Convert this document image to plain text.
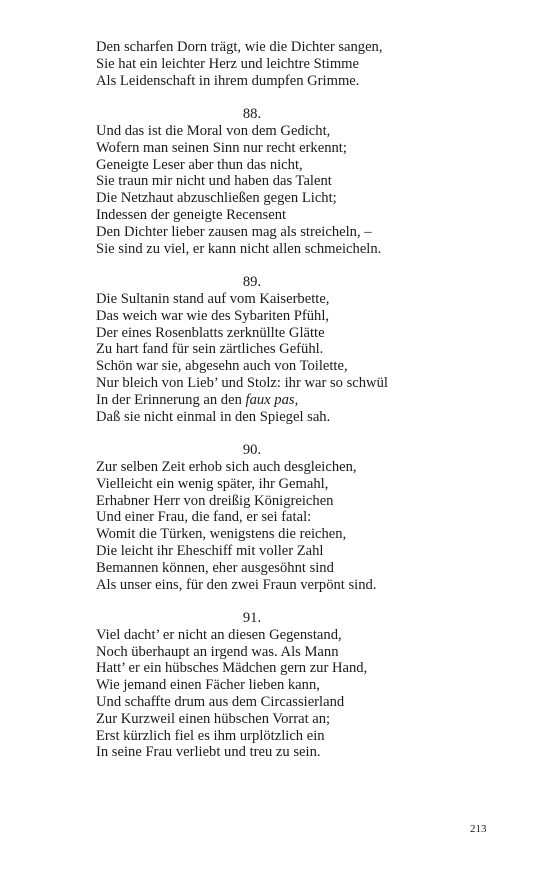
Den scharfen Dorn trägt, wie die Dichter sangen,
Sie hat ein leichter Herz und leichtre Stimme
Als Leidenschaft in ihrem dumpfen Grimme.
88.
Und das ist die Moral von dem Gedicht,
Wofern man seinen Sinn nur recht erkennt;
Geneigte Leser aber thun das nicht,
Sie traun mir nicht und haben das Talent
Die Netzhaut abzuschließen gegen Licht;
Indessen der geneigte Recensent
Den Dichter lieber zausen mag als streicheln, –
Sie sind zu viel, er kann nicht allen schmeicheln.
89.
Die Sultanin stand auf vom Kaiserbette,
Das weich war wie des Sybariten Pfühl,
Der eines Rosenblatts zerknüllte Glätte
Zu hart fand für sein zärtliches Gefühl.
Schön war sie, abgesehn auch von Toilette,
Nur bleich von Lieb’ und Stolz: ihr war so schwül
In der Erinnerung an den faux pas,
Daß sie nicht einmal in den Spiegel sah.
90.
Zur selben Zeit erhob sich auch desgleichen,
Vielleicht ein wenig später, ihr Gemahl,
Erhabner Herr von dreißig Königreichen
Und einer Frau, die fand, er sei fatal:
Womit die Türken, wenigstens die reichen,
Die leicht ihr Eheschiff mit voller Zahl
Bemannen können, eher ausgesöhnt sind
Als unser eins, für den zwei Fraun verpönt sind.
91.
Viel dacht’ er nicht an diesen Gegenstand,
Noch überhaupt an irgend was. Als Mann
Hatt’ er ein hübsches Mädchen gern zur Hand,
Wie jemand einen Fächer lieben kann,
Und schaffte drum aus dem Circassierland
Zur Kurzweil einen hübschen Vorrat an;
Erst kürzlich fiel es ihm urplötzlich ein
In seine Frau verliebt und treu zu sein.
213
